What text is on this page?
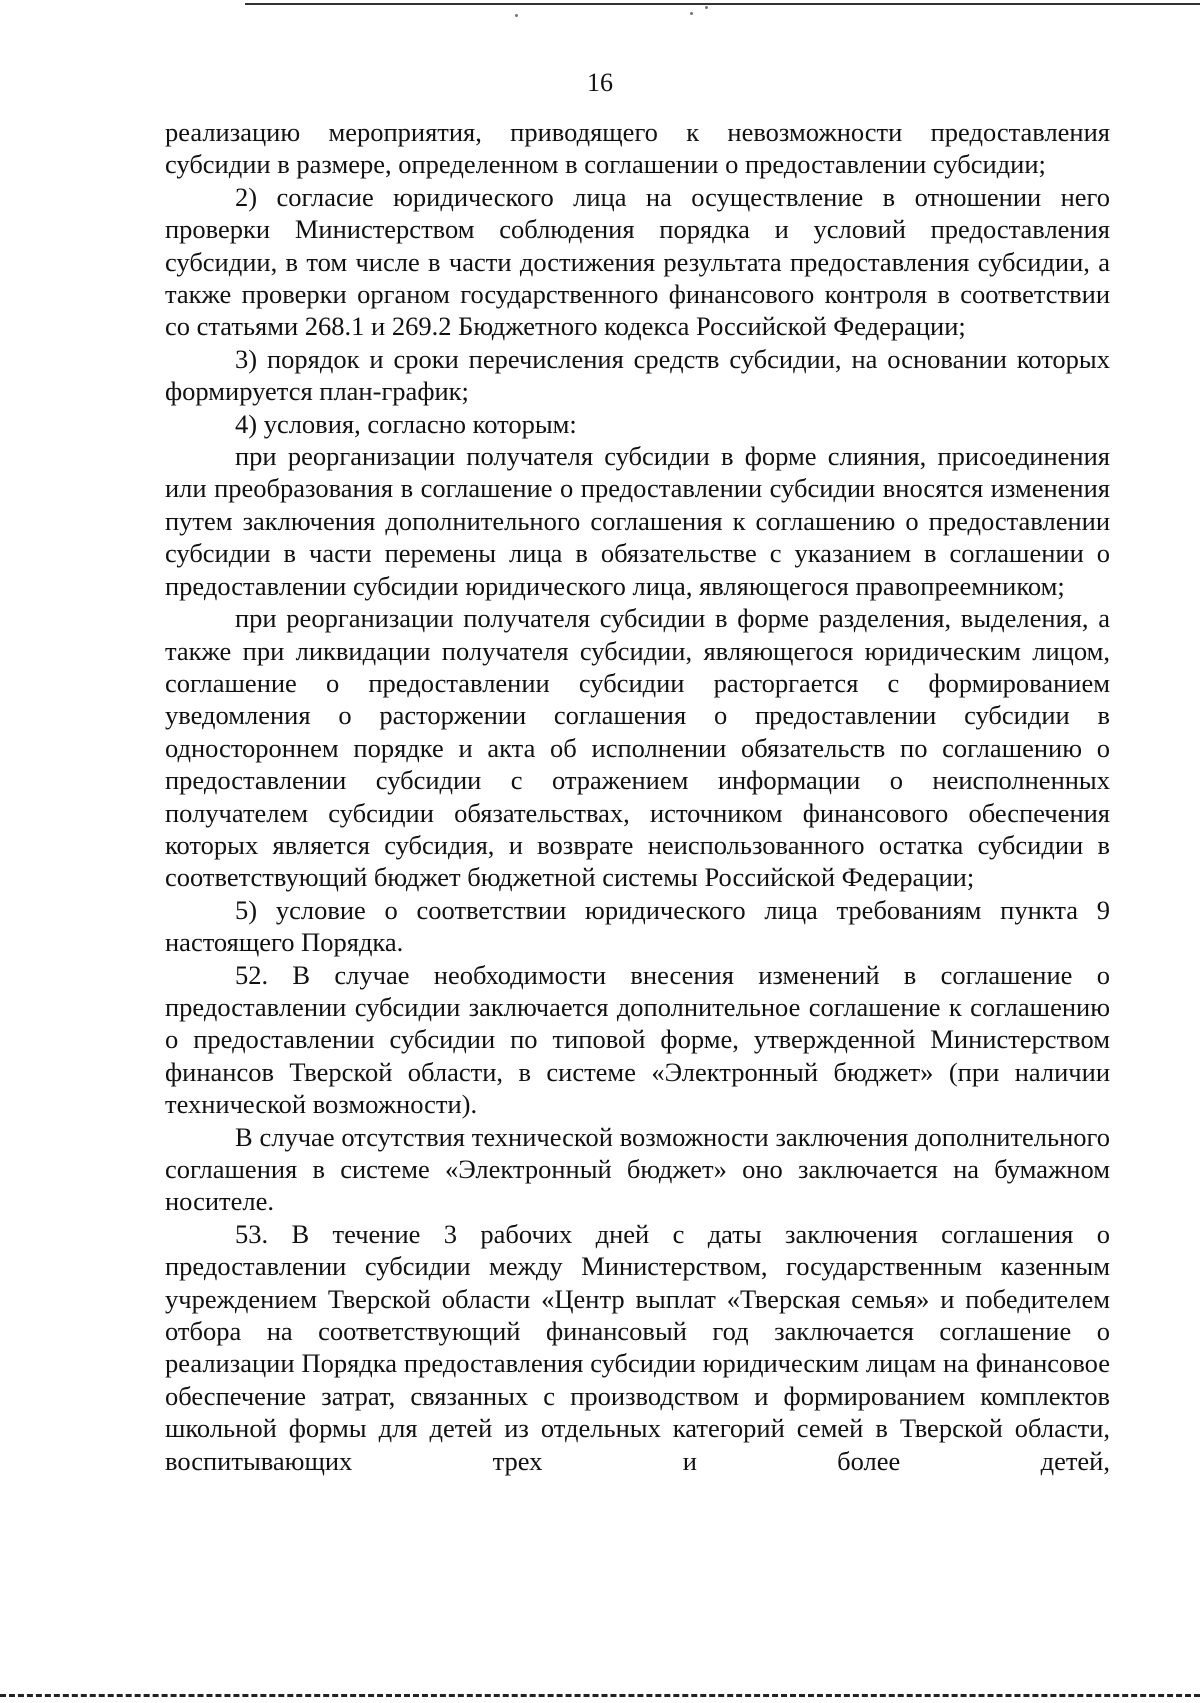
16

реализацию мероприятия, приводящего к невозможности предоставления субсидии в размере, определенном в соглашении о предоставлении субсидии;

2) согласие юридического лица на осуществление в отношении него проверки Министерством соблюдения порядка и условий предоставления субсидии, в том числе в части достижения результата предоставления субсидии, а также проверки органом государственного финансового контроля в соответствии со статьями 268.1 и 269.2 Бюджетного кодекса Российской Федерации;

3) порядок и сроки перечисления средств субсидии, на основании которых формируется план-график;

4) условия, согласно которым:

при реорганизации получателя субсидии в форме слияния, присоединения или преобразования в соглашение о предоставлении субсидии вносятся изменения путем заключения дополнительного соглашения к соглашению о предоставлении субсидии в части перемены лица в обязательстве с указанием в соглашении о предоставлении субсидии юридического лица, являющегося правопреемником;

при реорганизации получателя субсидии в форме разделения, выделения, а также при ликвидации получателя субсидии, являющегося юридическим лицом, соглашение о предоставлении субсидии расторгается с формированием уведомления о расторжении соглашения о предоставлении субсидии в одностороннем порядке и акта об исполнении обязательств по соглашению о предоставлении субсидии с отражением информации о неисполненных получателем субсидии обязательствах, источником финансового обеспечения которых является субсидия, и возврате неиспользованного остатка субсидии в соответствующий бюджет бюджетной системы Российской Федерации;

5) условие о соответствии юридического лица требованиям пункта 9 настоящего Порядка.

52. В случае необходимости внесения изменений в соглашение о предоставлении субсидии заключается дополнительное соглашение к соглашению о предоставлении субсидии по типовой форме, утвержденной Министерством финансов Тверской области, в системе «Электронный бюджет» (при наличии технической возможности).

В случае отсутствия технической возможности заключения дополнительного соглашения в системе «Электронный бюджет» оно заключается на бумажном носителе.

53. В течение 3 рабочих дней с даты заключения соглашения о предоставлении субсидии между Министерством, государственным казенным учреждением Тверской области «Центр выплат «Тверская семья» и победителем отбора на соответствующий финансовый год заключается соглашение о реализации Порядка предоставления субсидии юридическим лицам на финансовое обеспечение затрат, связанных с производством и формированием комплектов школьной формы для детей из отдельных категорий семей в Тверской области, воспитывающих трех и более детей,
